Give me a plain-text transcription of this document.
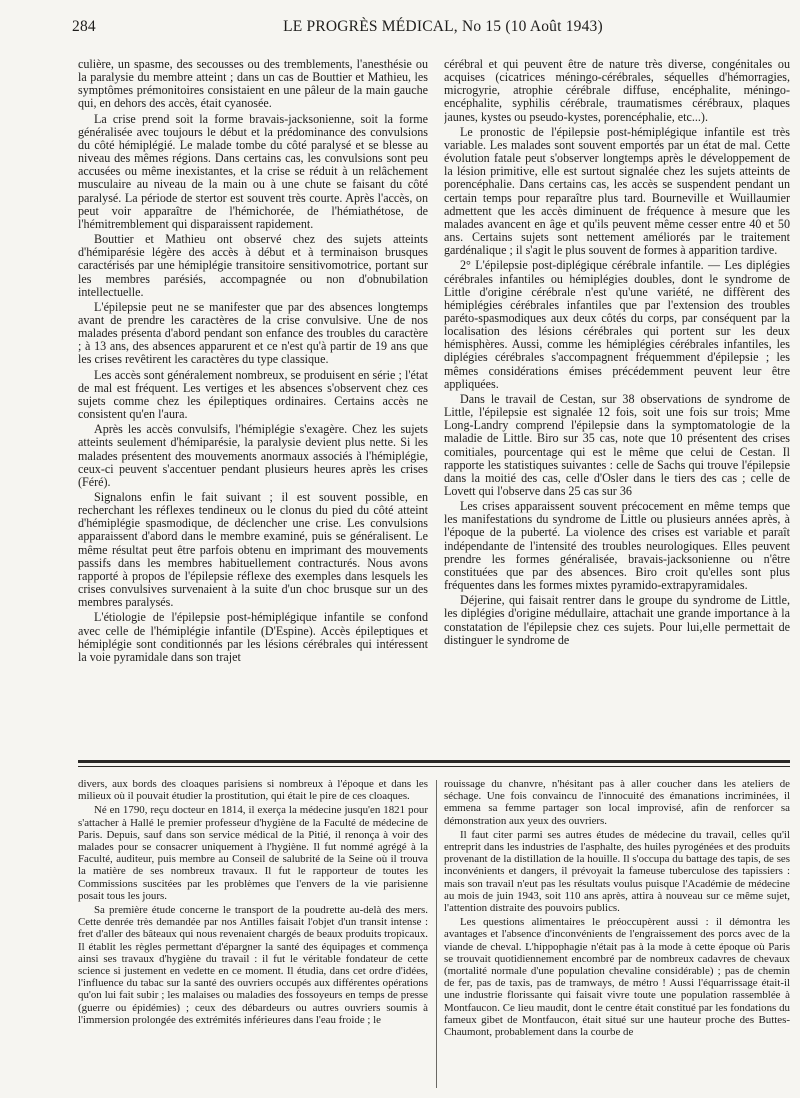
284	LE PROGRÈS MÉDICAL, No 15 (10 Août 1943)

culière, un spasme, des secousses ou des tremblements, l'anesthésie ou la paralysie du membre atteint ; dans un cas de Bouttier et Mathieu, les symptômes prémonitoires consistaient en une pâleur de la main gauche qui, en dehors des accès, était cyanosée.

La crise prend soit la forme bravais-jacksonienne, soit la forme généralisée avec toujours le début et la prédominance des convulsions du côté hémiplégié. Le malade tombe du côté paralysé et se blesse au niveau des mêmes régions. Dans certains cas, les convulsions sont peu accusées ou même inexistantes, et la crise se réduit à un relâchement musculaire au niveau de la main ou à une chute se faisant du côté paralysé. La période de stertor est souvent très courte. Après l'accès, on peut voir apparaître de l'hémichorée, de l'hémiathétose, de l'hémitremblement qui disparaissent rapidement.

Bouttier et Mathieu ont observé chez des sujets atteints d'hémiparésie légère des accès à début et à terminaison brusques caractérisés par une hémiplégie transitoire sensitivomotrice, portant sur les membres parésiés, accompagnée ou non d'obnubilation intellectuelle.

L'épilepsie peut ne se manifester que par des absences longtemps avant de prendre les caractères de la crise convulsive. Une de nos malades présenta d'abord pendant son enfance des troubles du caractère ; à 13 ans, des absences apparurent et ce n'est qu'à partir de 19 ans que les crises revêtirent les caractères du type classique.

Les accès sont généralement nombreux, se produisent en série ; l'état de mal est fréquent. Les vertiges et les absences s'observent chez ces sujets comme chez les épileptiques ordinaires. Certains accès ne consistent qu'en l'aura.

Après les accès convulsifs, l'hémiplégie s'exagère. Chez les sujets atteints seulement d'hémiparésie, la paralysie devient plus nette. Si les malades présentent des mouvements anormaux associés à l'hémiplégie, ceux-ci peuvent s'accentuer pendant plusieurs heures après les crises (Féré).

Signalons enfin le fait suivant ; il est souvent possible, en recherchant les réflexes tendineux ou le clonus du pied du côté atteint d'hémiplégie spasmodique, de déclencher une crise. Les convulsions apparaissent d'abord dans le membre examiné, puis se généralisent. Le même résultat peut être parfois obtenu en imprimant des mouvements passifs dans les membres habituellement contracturés. Nous avons rapporté à propos de l'épilepsie réflexe des exemples dans lesquels les crises convulsives survenaient à la suite d'un choc brusque sur un des membres paralysés.

L'étiologie de l'épilepsie post-hémiplégique infantile se confond avec celle de l'hémiplégie infantile (D'Espine). Accès épileptiques et hémiplégie sont conditionnés par les lésions cérébrales qui intéressent la voie pyramidale dans son trajet

cérébral et qui peuvent être de nature très diverse, congénitales ou acquises (cicatrices méningo-cérébrales, séquelles d'hémorragies, microgyrie, atrophie cérébrale diffuse, encéphalite, méningo-encéphalite, syphilis cérébrale, traumatismes cérébraux, plaques jaunes, kystes ou pseudo-kystes, porencéphalie, etc...).

Le pronostic de l'épilepsie post-hémiplégique infantile est très variable. Les malades sont souvent emportés par un état de mal. Cette évolution fatale peut s'observer longtemps après le développement de la lésion primitive, elle est surtout signalée chez les sujets atteints de porencéphalie. Dans certains cas, les accès se suspendent pendant un certain temps pour reparaître plus tard. Bourneville et Wuillaumier admettent que les accès diminuent de fréquence à mesure que les malades avancent en âge et qu'ils peuvent même cesser entre 40 et 50 ans. Certains sujets sont nettement améliorés par le traitement gardénalique ; il s'agit le plus souvent de formes à apparition tardive.

2° L'épilepsie post-diplégique cérébrale infantile. — Les diplégies cérébrales infantiles ou hémiplégies doubles, dont le syndrome de Little d'origine cérébrale n'est qu'une variété, ne diffèrent des hémiplégies cérébrales infantiles que par l'extension des troubles paréto-spasmodiques aux deux côtés du corps, par conséquent par la localisation des lésions cérébrales qui portent sur les deux hémisphères. Aussi, comme les hémiplégies cérébrales infantiles, les diplégies cérébrales s'accompagnent fréquemment d'épilepsie ; les mêmes considérations émises précédemment peuvent leur être appliquées.

Dans le travail de Cestan, sur 38 observations de syndrome de Little, l'épilepsie est signalée 12 fois, soit une fois sur trois; Mme Long-Landry comprend l'épilepsie dans la symptomatologie de la maladie de Little. Biro sur 35 cas, note que 10 présentent des crises comitiales, pourcentage qui est le même que celui de Cestan. Il rapporte les statistiques suivantes : celle de Sachs qui trouve l'épilepsie dans la moitié des cas, celle d'Osler dans le tiers des cas ; celle de Lovett qui l'observe dans 25 cas sur 36

Les crises apparaissent souvent précocement en même temps que les manifestations du syndrome de Little ou plusieurs années après, à l'époque de la puberté. La violence des crises est variable et paraît indépendante de l'intensité des troubles neurologiques. Elles peuvent prendre les formes généralisée, bravais-jacksonienne ou n'être constituées que par des absences. Biro croit qu'elles sont plus fréquentes dans les formes mixtes pyramido-extrapyramidales.

Déjerine, qui faisait rentrer dans le groupe du syndrome de Little, les diplégies d'origine médullaire, attachait une grande importance à la constatation de l'épilepsie chez ces sujets. Pour lui,elle permettait de distinguer le syndrome de

divers, aux bords des cloaques parisiens si nombreux à l'époque et dans les milieux où il pouvait étudier la prostitution, qui était le pire de ces cloaques.

Né en 1790, reçu docteur en 1814, il exerça la médecine jusqu'en 1821 pour s'attacher à Hallé le premier professeur d'hygiène de la Faculté de médecine de Paris. Depuis, sauf dans son service médical de la Pitié, il renonça à voir des malades pour se consacrer uniquement à l'hygiène. Il fut nommé agrégé à la Faculté, auditeur, puis membre au Conseil de salubrité de la Seine où il trouva la matière de ses nombreux travaux. Il fut le rapporteur de toutes les Commissions suscitées par les problèmes que l'envers de la vie parisienne posait tous les jours.

Sa première étude concerne le transport de la poudrette au-delà des mers. Cette denrée très demandée par nos Antilles faisait l'objet d'un transit intense : fret d'aller des bâteaux qui nous revenaient chargés de beaux produits tropicaux. Il établit les règles permettant d'épargner la santé des équipages et commença ainsi ses travaux d'hygiène du travail : il fut le véritable fondateur de cette science si justement en vedette en ce moment. Il étudia, dans cet ordre d'idées, l'influence du tabac sur la santé des ouvriers occupés aux différentes opérations qu'on lui fait subir ; les malaises ou maladies des fossoyeurs en temps de presse (guerre ou épidémies) ; ceux des débardeurs ou autres ouvriers soumis à l'immersion prolongée des extrémités inférieures dans l'eau froide ; le

rouissage du chanvre, n'hésitant pas à aller coucher dans les ateliers de séchage. Une fois convaincu de l'innocuité des émanations incriminées, il emmena sa femme partager son local improvisé, afin de renforcer sa démonstration aux yeux des ouvriers.

Il faut citer parmi ses autres études de médecine du travail, celles qu'il entreprit dans les industries de l'asphalte, des huiles pyrogénées et des produits provenant de la distillation de la houille. Il s'occupa du battage des tapis, de ses inconvénients et dangers, il prévoyait la fameuse tuberculose des tapissiers : mais son travail n'eut pas les résultats voulus puisque l'Académie de médecine au mois de juin 1943, soit 110 ans après, attira à nouveau sur ce même sujet, l'attention distraite des pouvoirs publics.

Les questions alimentaires le préoccupèrent aussi : il démontra les avantages et l'absence d'inconvénients de l'engraissement des porcs avec de la viande de cheval. L'hippophagie n'était pas à la mode à cette époque où Paris se trouvait quotidiennement encombré par de nombreux cadavres de chevaux (mortalité normale d'une population chevaline considérable) ; pas de chemin de fer, pas de taxis, pas de tramways, de métro ! Aussi l'équarrissage était-il une industrie florissante qui faisait vivre toute une population rassemblée à Montfaucon. Ce lieu maudit, dont le centre était constitué par les fondations du fameux gibet de Montfaucon, était situé sur une hauteur proche des Buttes-Chaumont, probablement dans la courbe de
